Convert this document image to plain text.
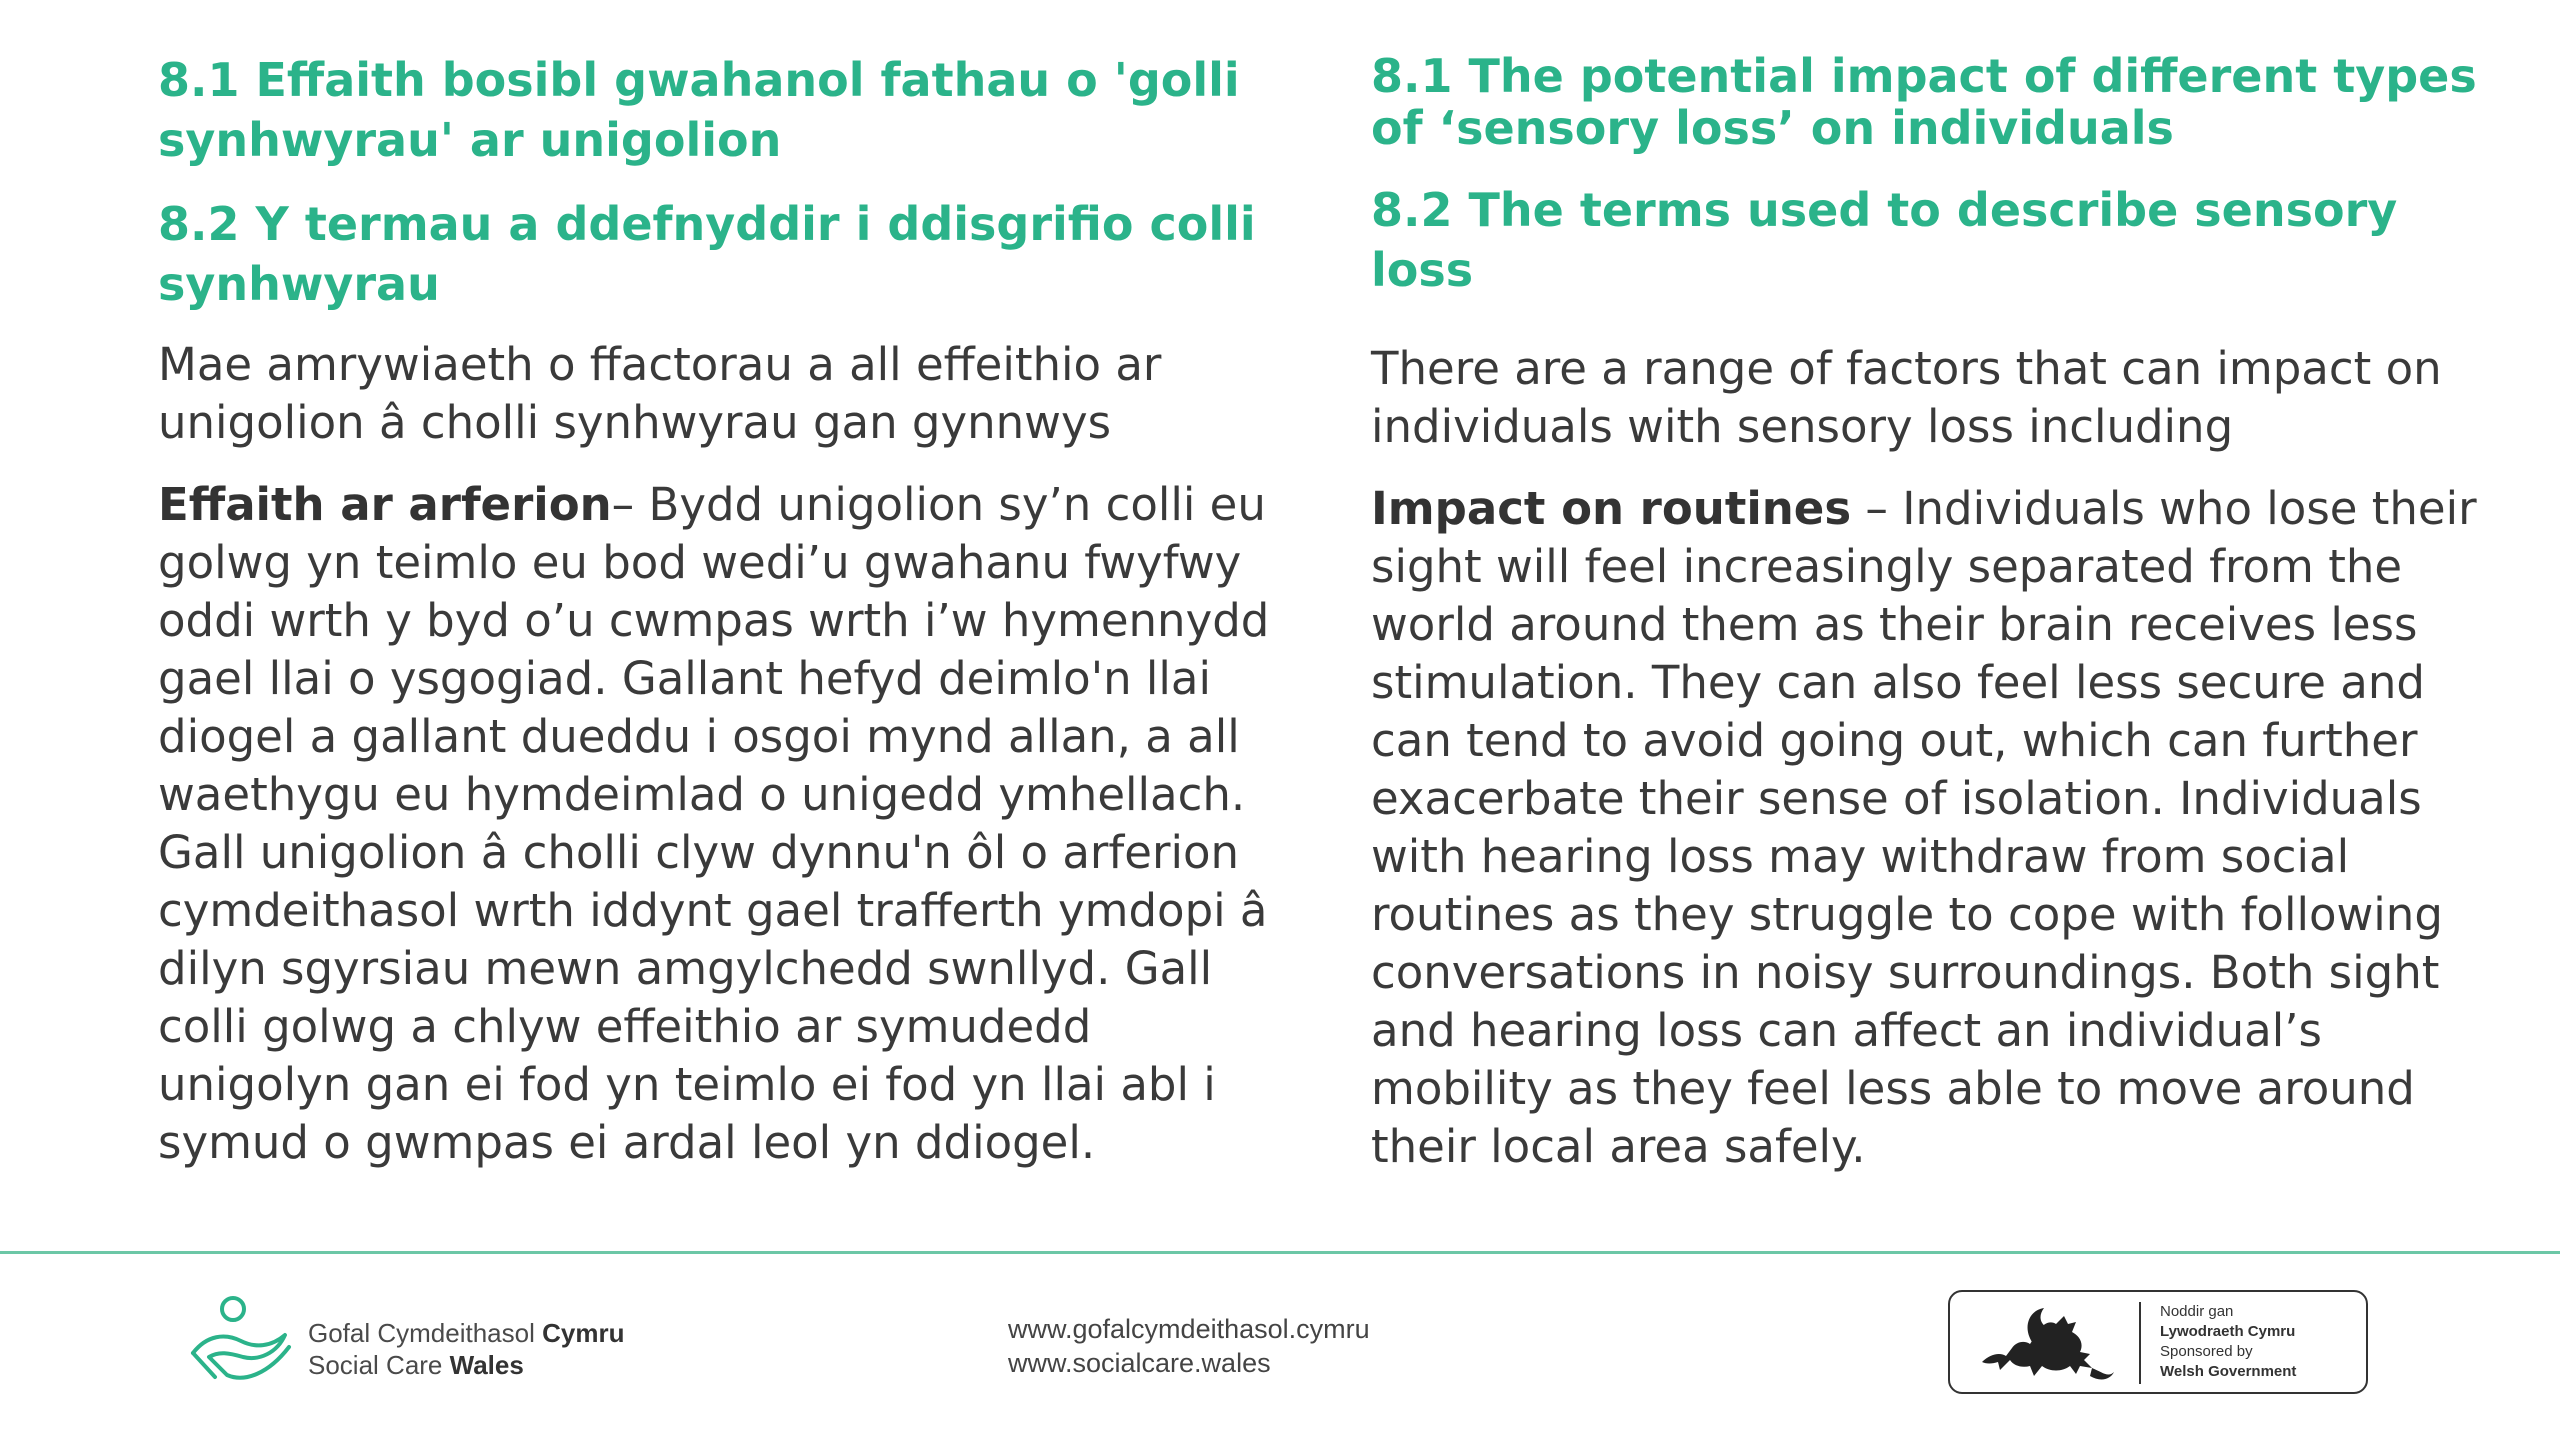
8.1 Effaith bosibl gwahanol fathau o 'golli synhwyrau' ar unigolion
8.2 Y termau a ddefnyddir i ddisgrifio colli synhwyrau

Mae amrywiaeth o ffactorau a all effeithio ar unigolion â cholli synhwyrau gan gynnwys

Effaith ar arferion– Bydd unigolion sy’n colli eu golwg yn teimlo eu bod wedi’u gwahanu fwyfwy oddi wrth y byd o’u cwmpas wrth i’w hymennydd gael llai o ysgogiad. Gallant hefyd deimlo'n llai diogel a gallant dueddu i osgoi mynd allan, a all waethygu eu hymdeimlad o unigedd ymhellach. Gall unigolion â cholli clyw dynnu'n ôl o arferion cymdeithasol wrth iddynt gael trafferth ymdopi â dilyn sgyrsiau mewn amgylchedd swnllyd. Gall colli golwg a chlyw effeithio ar symudedd unigolyn gan ei fod yn teimlo ei fod yn llai abl i symud o gwmpas ei ardal leol yn ddiogel.

8.1 The potential impact of different types of ‘sensory loss’ on individuals
8.2 The terms used to describe sensory loss

There are a range of factors that can impact on individuals with sensory loss including

Impact on routines – Individuals who lose their sight will feel increasingly separated from the world around them as their brain receives less stimulation. They can also feel less secure and can tend to avoid going out, which can further exacerbate their sense of isolation. Individuals with hearing loss may withdraw from social routines as they struggle to cope with following conversations in noisy surroundings. Both sight and hearing loss can affect an individual’s mobility as they feel less able to move around their local area safely.

Gofal Cymdeithasol Cymru
Social Care Wales
www.gofalcymdeithasol.cymru
www.socialcare.wales
Noddir gan
Lywodraeth Cymru
Sponsored by
Welsh Government
